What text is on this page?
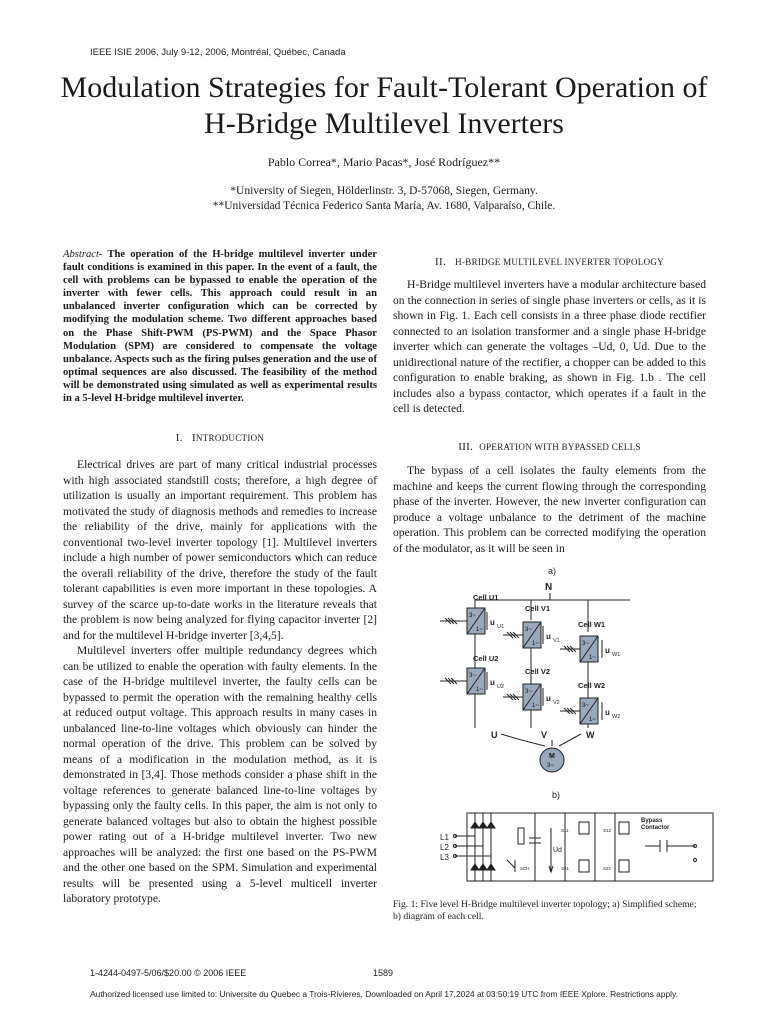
IEEE ISIE 2006, July 9-12, 2006, Montréal, Québec, Canada
Modulation Strategies for Fault-Tolerant Operation of
H-Bridge Multilevel Inverters
Pablo Correa*, Mario Pacas*, José Rodríguez**
*University of Siegen, Hölderlinstr. 3, D-57068, Siegen, Germany.
**Universidad Técnica Federico Santa María, Av. 1680, Valparaíso, Chile.
Abstract- The operation of the H-bridge multilevel inverter under fault conditions is examined in this paper. In the event of a fault, the cell with problems can be bypassed to enable the operation of the inverter with fewer cells. This approach could result in an unbalanced inverter configuration which can be corrected by modifying the modulation scheme. Two different approaches based on the Phase Shift-PWM (PS-PWM) and the Space Phasor Modulation (SPM) are considered to compensate the voltage unbalance. Aspects such as the firing pulses generation and the use of optimal sequences are also discussed. The feasibility of the method will be demonstrated using simulated as well as experimental results in a 5-level H-bridge multilevel inverter.
I. INTRODUCTION

Electrical drives are part of many critical industrial processes with high associated standstill costs; therefore, a high degree of utilization is usually an important requirement. This problem has motivated the study of diagnosis methods and remedies to increase the reliability of the drive, mainly for applications with the conventional two-level inverter topology [1]. Multilevel inverters include a high number of power semiconductors which can reduce the overall reliability of the drive, therefore the study of the fault tolerant capabilities is even more important in these topologies. A survey of the scarce up-to-date works in the literature reveals that the problem is now being analyzed for flying capacitor inverter [2] and for the multilevel H-bridge inverter [3,4,5].

Multilevel inverters offer multiple redundancy degrees which can be utilized to enable the operation with faulty elements. In the case of the H-bridge multilevel inverter, the faulty cells can be bypassed to permit the operation with the remaining healthy cells at reduced output voltage. This approach results in many cases in unbalanced line-to-line voltages which obviously can hinder the normal operation of the drive. This problem can be solved by means of a modification in the modulation method, as it is demonstrated in [3,4]. Those methods consider a phase shift in the voltage references to generate balanced line-to-line voltages by bypassing only the faulty cells. In this paper, the aim is not only to generate balanced voltages but also to obtain the highest possible power rating out of a H-bridge multilevel inverter. Two new approaches will be analyzed: the first one based on the PS-PWM and the other one based on the SPM. Simulation and experimental results will be presented using a 5-level multicell inverter laboratory prototype.

II. H-BRIDGE MULTILEVEL INVERTER TOPOLOGY

H-Bridge multilevel inverters have a modular architecture based on the connection in series of single phase inverters or cells, as it is shown in Fig. 1. Each cell consists in a three phase diode rectifier connected to an isolation transformer and a single phase H-bridge inverter which can generate the voltages –Ud, 0, Ud. Due to the unidirectional nature of the rectifier, a chopper can be added to this configuration to enable braking, as shown in Fig. 1.b . The cell includes also a bypass contactor, which operates if a fault in the cell is detected.

III. OPERATION WITH BYPASSED CELLS

The bypass of a cell isolates the faulty elements from the machine and keeps the current flowing through the corresponding phase of the inverter. However, the new inverter configuration can produce a voltage unbalance to the detriment of the machine operation. This problem can be corrected modifying the operation of the modulator, as it will be seen in

a)
N
Cell U1
3~
1~
u U1
Cell V1
3~
1~
u V1
Cell W1
3~
1~
u W1
Cell U2
3~
1~
u U2
Cell V2
3~
1~
u V2
Cell W2
3~
1~
u W2
U	V	W
M
3~
b)
L1
L2
L3
SCH
Ud
S11
S21
S12
S22
Bypass
Contactor
Fig. 1: Five level H-Bridge multilevel inverter topology; a) Simplified scheme; b) diagram of each cell.
1-4244-0497-5/06/$20.00 © 2006 IEEE	1589
Authorized licensed use limited to: Universite du Quebec a Trois-Rivieres. Downloaded on April 17,2024 at 03:50:19 UTC from IEEE Xplore. Restrictions apply.
